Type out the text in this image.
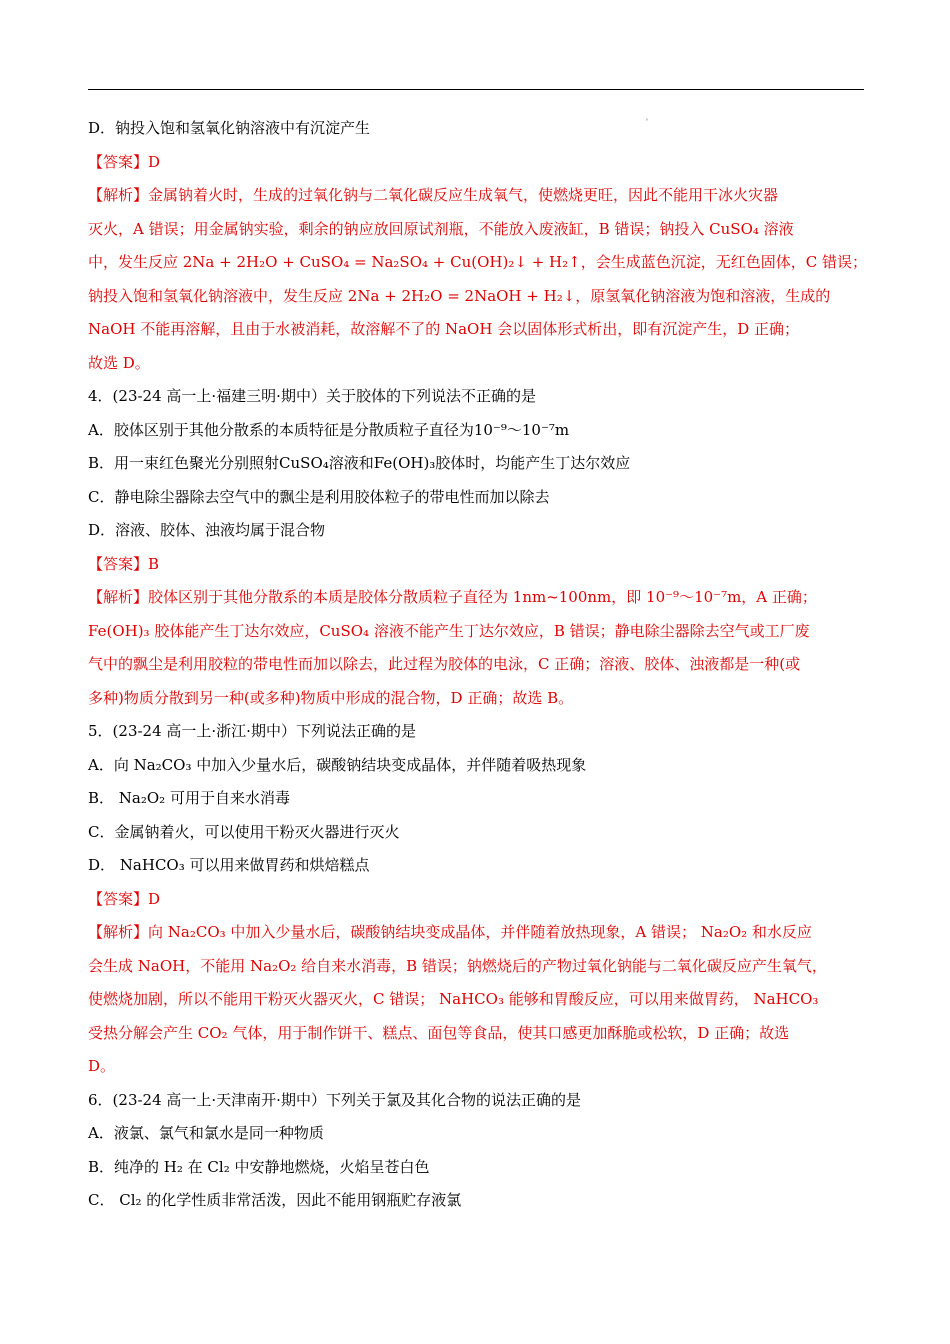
'
D．钠投入饱和氢氧化钠溶液中有沉淀产生
【答案】D
【解析】金属钠着火时，生成的过氧化钠与二氧化碳反应生成氧气，使燃烧更旺，因此不能用干冰火灾器
灭火，A 错误；用金属钠实验，剩余的钠应放回原试剂瓶，不能放入废液缸，B 错误；钠投入 CuSO₄ 溶液
中，发生反应 2Na + 2H₂O + CuSO₄ = Na₂SO₄ + Cu(OH)₂↓ + H₂↑，会生成蓝色沉淀，无红色固体，C 错误；
钠投入饱和氢氧化钠溶液中，发生反应 2Na + 2H₂O = 2NaOH + H₂↓，原氢氧化钠溶液为饱和溶液，生成的
NaOH 不能再溶解，且由于水被消耗，故溶解不了的 NaOH 会以固体形式析出，即有沉淀产生，D 正确；
故选 D。
4．(23-24 高一上·福建三明·期中）关于胶体的下列说法不正确的是
A．胶体区别于其他分散系的本质特征是分散质粒子直径为10⁻⁹～10⁻⁷m
B．用一束红色聚光分别照射CuSO₄溶液和Fe(OH)₃胶体时，均能产生丁达尔效应
C．静电除尘器除去空气中的飘尘是利用胶体粒子的带电性而加以除去
D．溶液、胶体、浊液均属于混合物
【答案】B
【解析】胶体区别于其他分散系的本质是胶体分散质粒子直径为 1nm~100nm，即 10⁻⁹～10⁻⁷m，A 正确；
Fe(OH)₃ 胶体能产生丁达尔效应，CuSO₄ 溶液不能产生丁达尔效应，B 错误；静电除尘器除去空气或工厂废
气中的飘尘是利用胶粒的带电性而加以除去，此过程为胶体的电泳，C 正确；溶液、胶体、浊液都是一种(或
多种)物质分散到另一种(或多种)物质中形成的混合物，D 正确；故选 B。
5．(23-24 高一上·浙江·期中）下列说法正确的是
A．向 Na₂CO₃ 中加入少量水后，碳酸钠结块变成晶体，并伴随着吸热现象
B． Na₂O₂ 可用于自来水消毒
C．金属钠着火，可以使用干粉灭火器进行灭火
D． NaHCO₃ 可以用来做胃药和烘焙糕点
【答案】D
【解析】向 Na₂CO₃ 中加入少量水后，碳酸钠结块变成晶体，并伴随着放热现象，A 错误； Na₂O₂ 和水反应
会生成 NaOH，不能用 Na₂O₂ 给自来水消毒，B 错误；钠燃烧后的产物过氧化钠能与二氧化碳反应产生氧气，
使燃烧加剧，所以不能用干粉灭火器灭火，C 错误； NaHCO₃ 能够和胃酸反应，可以用来做胃药， NaHCO₃
受热分解会产生 CO₂ 气体，用于制作饼干、糕点、面包等食品，使其口感更加酥脆或松软，D 正确；故选
D。
6．(23-24 高一上·天津南开·期中）下列关于氯及其化合物的说法正确的是
A．液氯、氯气和氯水是同一种物质
B．纯净的 H₂ 在 Cl₂ 中安静地燃烧，火焰呈苍白色
C． Cl₂ 的化学性质非常活泼，因此不能用钢瓶贮存液氯
